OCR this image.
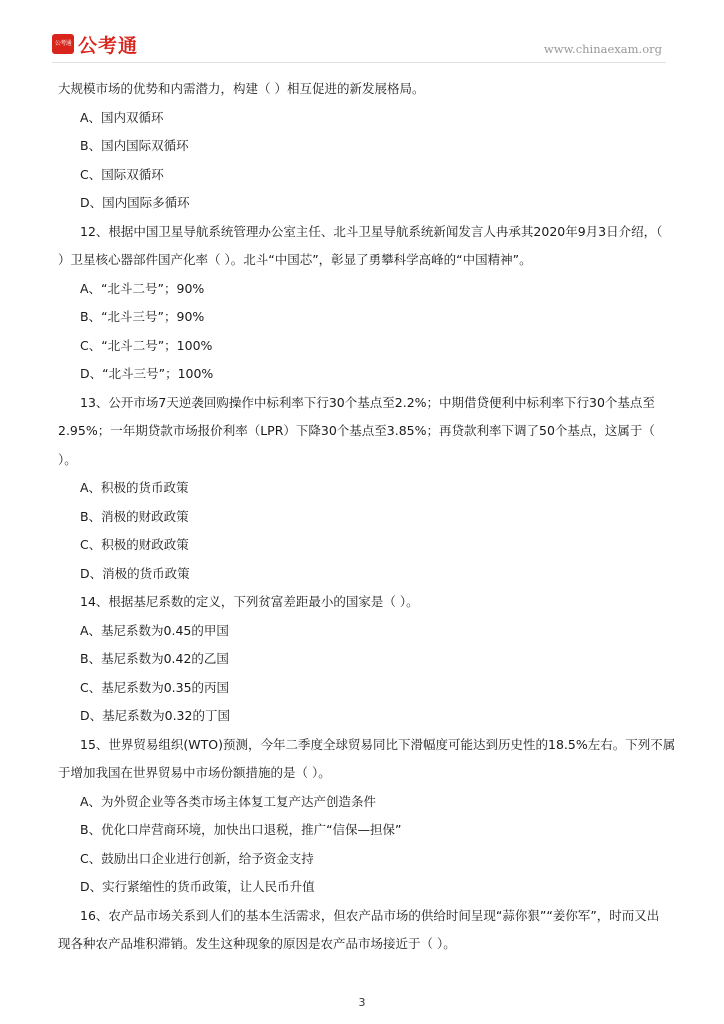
公考通 公考通	www.chinaexam.org
大规模市场的优势和内需潜力，构建（ ）相互促进的新发展格局。
A、国内双循环
B、国内国际双循环
C、国际双循环
D、国内国际多循环
12、根据中国卫星导航系统管理办公室主任、北斗卫星导航系统新闻发言人冉承其2020年9月3日介绍，（
）卫星核心器部件国产化率（ ）。北斗“中国芯”，彰显了勇攀科学高峰的“中国精神”。
A、“北斗二号”；90%
B、“北斗三号”；90%
C、“北斗二号”；100%
D、“北斗三号”；100%
13、公开市场7天逆袭回购操作中标利率下行30个基点至2.2%；中期借贷便利中标利率下行30个基点至
2.95%；一年期贷款市场报价利率（LPR）下降30个基点至3.85%；再贷款利率下调了50个基点，这属于（
）。
A、积极的货币政策
B、消极的财政政策
C、积极的财政政策
D、消极的货币政策
14、根据基尼系数的定义，下列贫富差距最小的国家是（ ）。
A、基尼系数为0.45的甲国
B、基尼系数为0.42的乙国
C、基尼系数为0.35的丙国
D、基尼系数为0.32的丁国
15、世界贸易组织(WTO)预测，今年二季度全球贸易同比下滑幅度可能达到历史性的18.5%左右。下列不属
于增加我国在世界贸易中市场份额措施的是（ ）。
A、为外贸企业等各类市场主体复工复产达产创造条件
B、优化口岸营商环境，加快出口退税，推广“信保—担保”
C、鼓励出口企业进行创新，给予资金支持
D、实行紧缩性的货币政策，让人民币升值
16、农产品市场关系到人们的基本生活需求，但农产品市场的供给时间呈现“蒜你狠”“姜你军”，时而又出
现各种农产品堆积滞销。发生这种现象的原因是农产品市场接近于（ ）。
3
